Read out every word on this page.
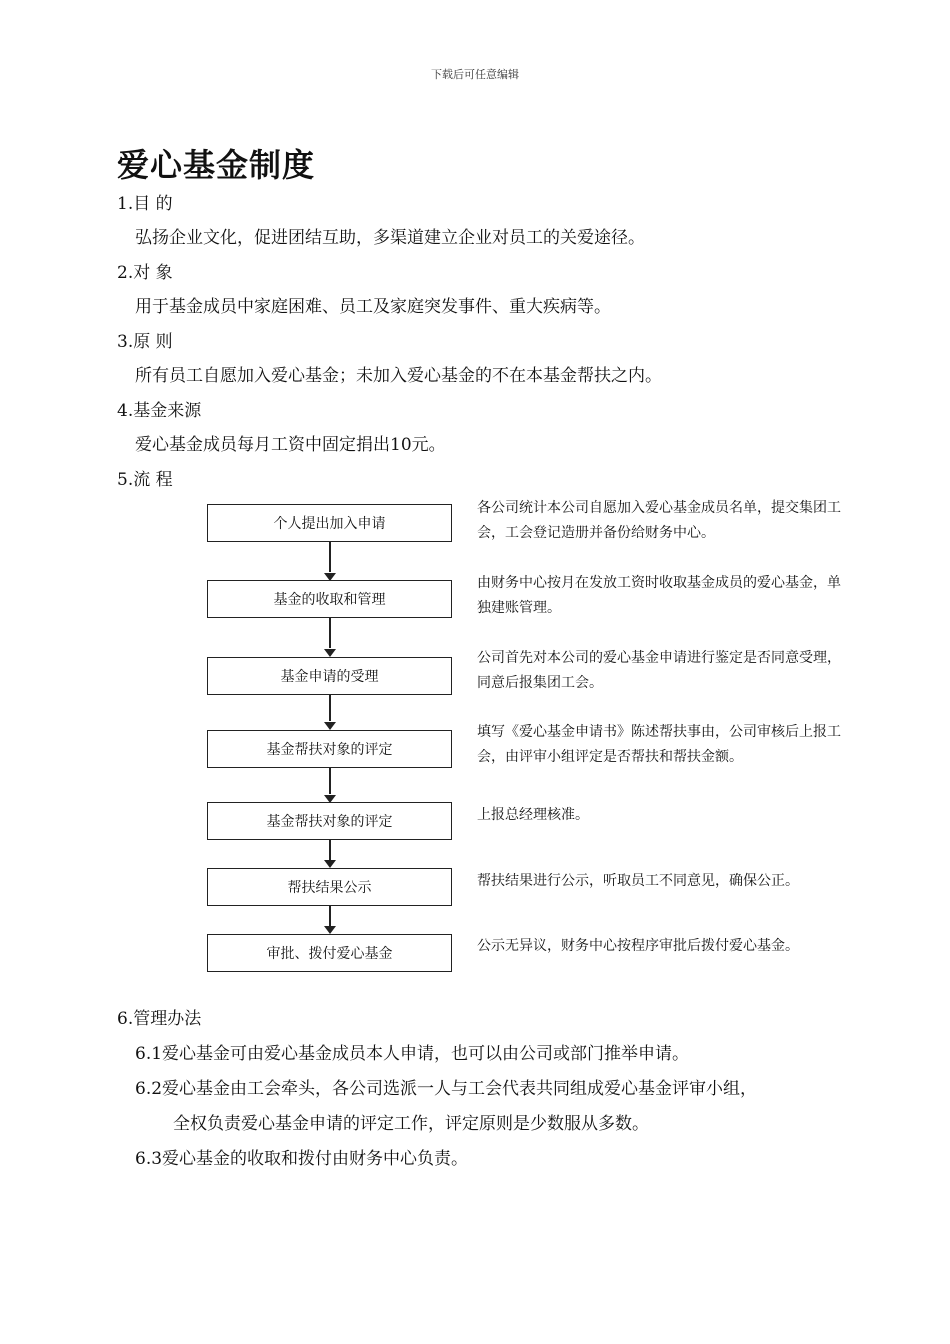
下载后可任意编辑
爱心基金制度
1.目 的
弘扬企业文化，促进团结互助，多渠道建立企业对员工的关爱途径。
2.对 象
用于基金成员中家庭困难、员工及家庭突发事件、重大疾病等。
3.原 则
所有员工自愿加入爱心基金；未加入爱心基金的不在本基金帮扶之内。
4.基金来源
爱心基金成员每月工资中固定捐出10元。
5.流 程
个人提出加入申请
基金的收取和管理
基金申请的受理
基金帮扶对象的评定
基金帮扶对象的评定
帮扶结果公示
审批、拨付爱心基金
各公司统计本公司自愿加入爱心基金成员名单，提交集团工会，工会登记造册并备份给财务中心。
由财务中心按月在发放工资时收取基金成员的爱心基金，单独建账管理。
公司首先对本公司的爱心基金申请进行鉴定是否同意受理，同意后报集团工会。
填写《爱心基金申请书》陈述帮扶事由，公司审核后上报工会，由评审小组评定是否帮扶和帮扶金额。
上报总经理核准。
帮扶结果进行公示，听取员工不同意见，确保公正。
公示无异议，财务中心按程序审批后拨付爱心基金。
6.管理办法
6.1爱心基金可由爱心基金成员本人申请，也可以由公司或部门推举申请。
6.2爱心基金由工会牵头，各公司选派一人与工会代表共同组成爱心基金评审小组，
全权负责爱心基金申请的评定工作，评定原则是少数服从多数。
6.3爱心基金的收取和拨付由财务中心负责。
